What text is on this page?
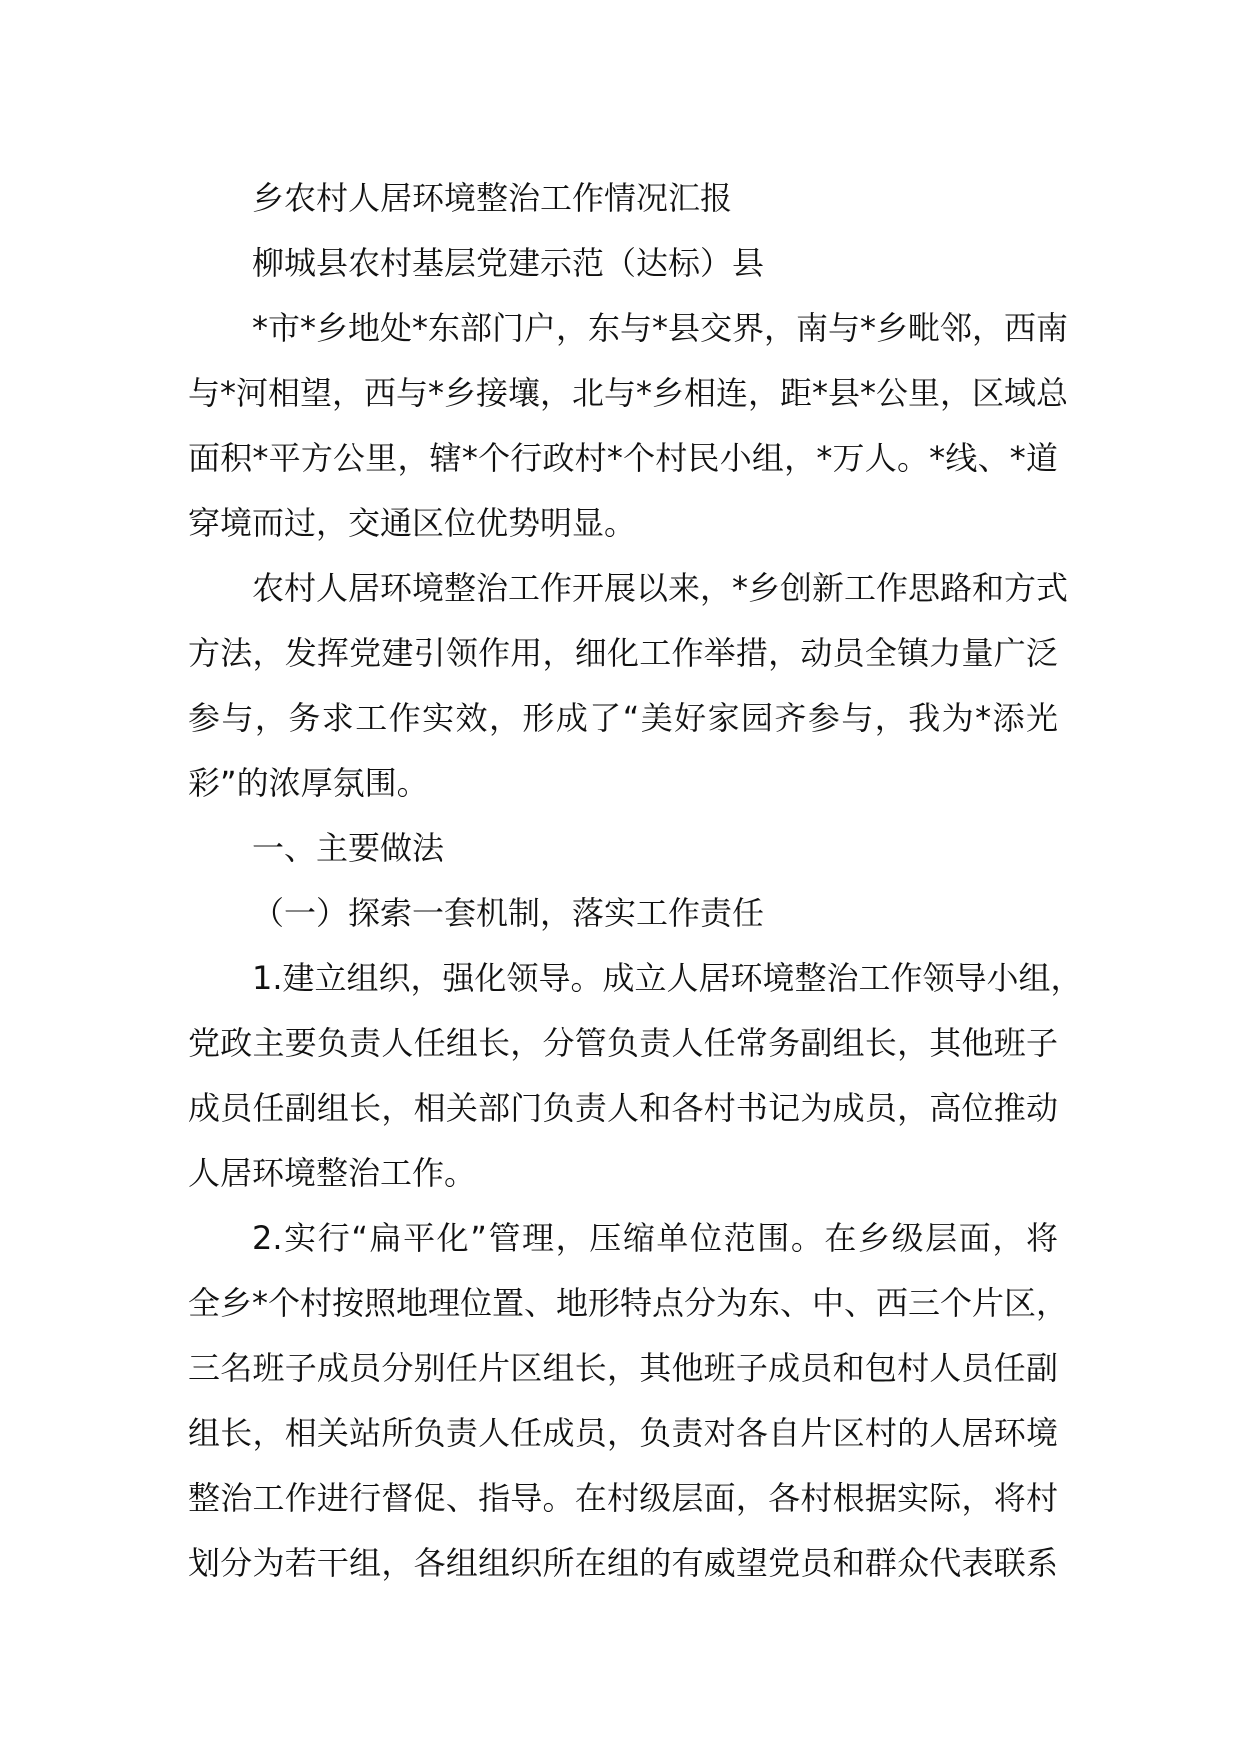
乡农村人居环境整治工作情况汇报
柳城县农村基层党建示范（达标）县
*市*乡地处*东部门户，东与*县交界，南与*乡毗邻，西南
与*河相望，西与*乡接壤，北与*乡相连，距*县*公里，区域总
面积*平方公里，辖*个行政村*个村民小组，*万人。*线、*道
穿境而过，交通区位优势明显。
农村人居环境整治工作开展以来，*乡创新工作思路和方式
方法，发挥党建引领作用，细化工作举措，动员全镇力量广泛
参与，务求工作实效，形成了“美好家园齐参与，我为*添光
彩”的浓厚氛围。
一、主要做法
（一）探索一套机制，落实工作责任
1.建立组织，强化领导。成立人居环境整治工作领导小组，
党政主要负责人任组长，分管负责人任常务副组长，其他班子
成员任副组长，相关部门负责人和各村书记为成员，高位推动
人居环境整治工作。
2.实行“扁平化”管理，压缩单位范围。在乡级层面，将
全乡*个村按照地理位置、地形特点分为东、中、西三个片区，
三名班子成员分别任片区组长，其他班子成员和包村人员任副
组长，相关站所负责人任成员，负责对各自片区村的人居环境
整治工作进行督促、指导。在村级层面，各村根据实际，将村
划分为若干组，各组组织所在组的有威望党员和群众代表联系
